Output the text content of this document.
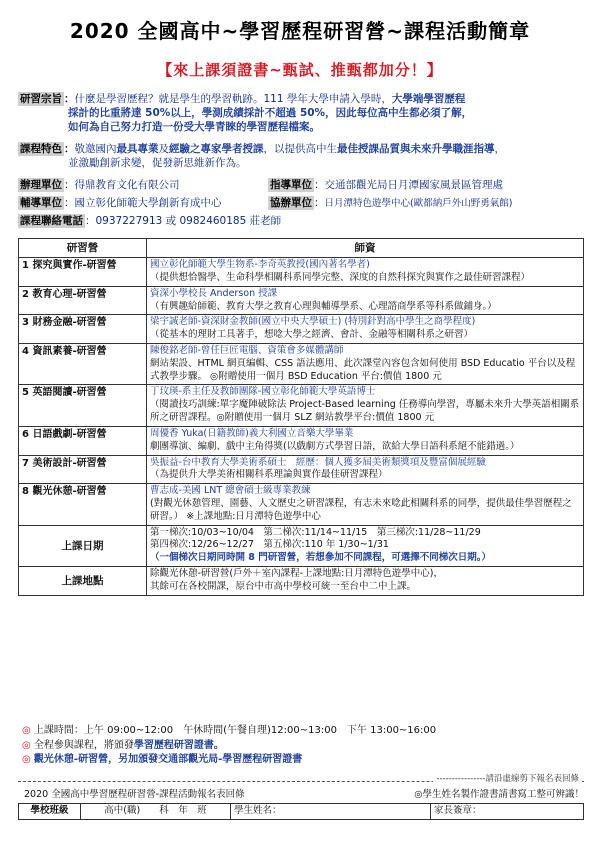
2020 全國高中~學習歷程研習營~課程活動簡章
【來上課須證書~甄試、推甄都加分！】
研習宗旨 ：什麼是學習歷程？就是學生的學習軌跡。111 學年大學申請入學時，大學端學習歷程
採計的比重將達 50%以上，學測成績採計不超過 50%，因此每位高中生都必須了解，
如何為自己努力打造一份受大學青睞的學習歷程檔案。
課程特色 ：敬邀國內最具專業及經驗之專家學者授課，以提供高中生最佳授課品質與未來升學職涯指導，
並激勵創新求變，促發新思維新作為。
辦理單位 ：得鼎教育文化有限公司	指導單位 ：交通部觀光局日月潭國家風景區管理處
輔導單位 ：國立彰化師範大學創新育成中心	協辦單位 ：日月潭特色遊學中心(歐都納戶外山野勇氣館)
課程聯絡電話 ：0937227913 或 0982460185 莊老師
研習營	師資
1 探究與實作-研習營	國立彰化師範大學生物系-李奇英教授(國內著名學者)
（提供想恰醫學、生命科學相關科系同學完整、深度的自然科探究與實作之最佳研習課程）

2 教育心理-研習營	資深小學校長 Anderson 授課
（有興趣給師範、教育大學之教育心理與輔導學系、心理諮商學系等科系做鋪身。）

3 財務金融-研習營	梁宇誠老師-資深財金教師(國立中央大學碩士) (特別針對高中學生之商學程度)
（從基本的理財工具著手，想唸大學之經濟、會計、金融等相關科系之研習）

4 資訊素養-研習營	陳俊銘老師-曾任巨匠電腦、資策會多媒體講師
網站架設、HTML 網頁編輯、CSS 語法應用、此次課堂內容包含如何使用 BSD Educatio 平台以及程式教學步驟。 ◎附贈使用一個月 BSD Education 平台:價值 1800 元

5 英語閱讀-研習營	丁玟瑛-系主任及教師團隊-國立彰化師範大學英語博士
（閱讀技巧訓練:單字魔陣破除法 Project-Based learning 任務導向學習，專屬未來升大學英語相關系所之研習課程。◎附贈使用一個月 SLZ 網站教學平台:價值 1800 元

6 日語戲劇-研習營	周優香 Yuka(日籍教師)義大利國立音樂大學畢業
劇團導演、編劇、戲中主角得獎(以戲劇方式學習日語，欲給大學日語科系絕不能錯過。）

7 美術設計-研習營	吳振益-台中教育大學美術系碩士　經歷：個人獲多屆美術類獎項及豐富個展經驗
（為提供升大學美術相關科系理論與實作最佳研習課程）

8 觀光休憩-研習營	曹志成-美國 LNT 總會碩士級專業教練
(對觀光休憩管理、園藝、人文歷史之研習課程，有志未來唸此相關科系的同學，提供最佳學習歷程之研習。） ※上課地點:日月潭特色遊學中心

上課日期	第一梯次:10/03~10/04　第二梯次:11/14~11/15　第三梯次:11/28~11/29
第四梯次:12/26~12/27　第五梯次:110 年 1/30~1/31
（一個梯次日期同時開 8 門研習營，若想參加不同課程，可選擇不同梯次日期。）

上課地點	除觀光休憩-研習營(戶外＋室內課程-上課地點:日月潭特色遊學中心)，
其餘可在各校開課，原台中市高中學校可統一至台中二中上課。
◎ 上課時間：上午 09:00~12:00　午休時間(午餐自理)12:00~13:00　下午 13:00~16:00
◎ 全程參與課程，將頒發學習歷程研習證書。
◎ 觀光休憩-研習營，另加頒發交通部觀光局-學習歷程研習證書
----------------請沿虛線剪下報名表回條
2020 全國高中學習歷程研習營-課程活動報名表回條	◎學生姓名製作證書請書寫工整可辨識！
學校班級	高中(職)　　科　年　班	學生姓名：	家長簽章：
